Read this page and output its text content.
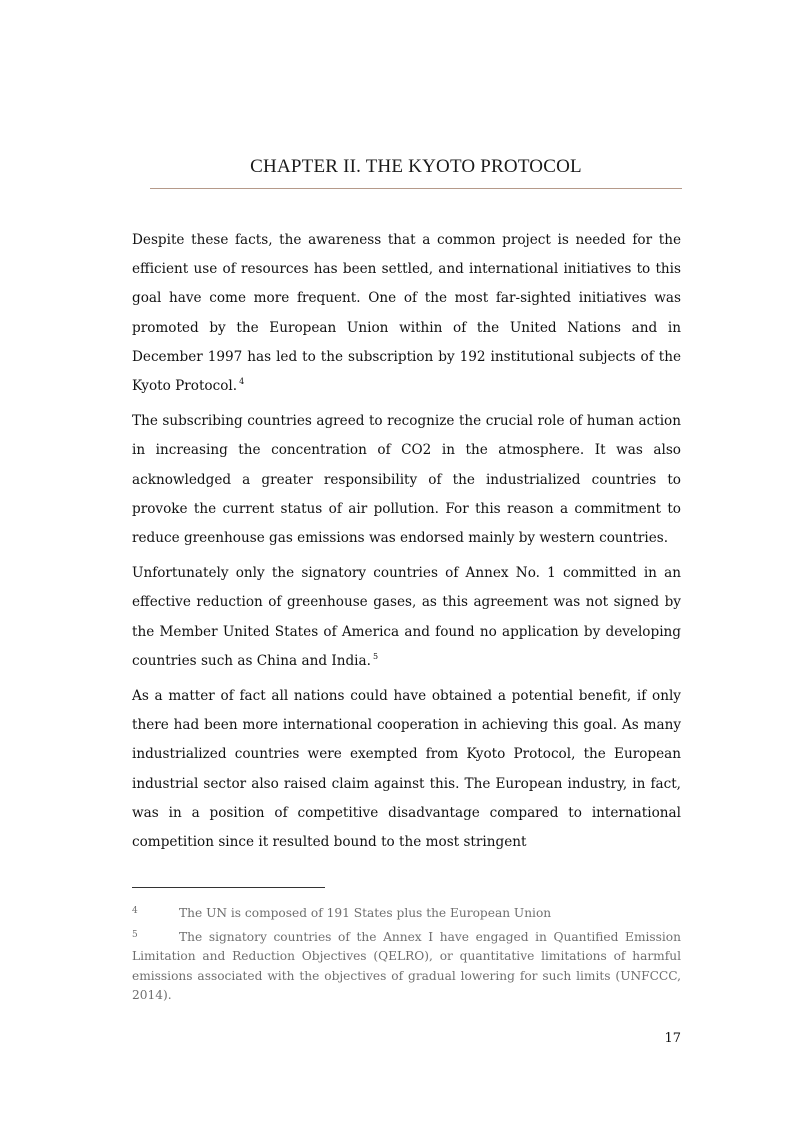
CHAPTER II. THE KYOTO PROTOCOL

Despite these facts, the awareness that a common project is needed for the efficient use of resources has been settled, and international initiatives to this goal have come more frequent. One of the most far-sighted initiatives was promoted by the European Union within of the United Nations and in December 1997 has led to the subscription by 192 institutional subjects of the Kyoto Protocol. $^4$

The subscribing countries agreed to recognize the crucial role of human action in increasing the concentration of CO2 in the atmosphere. It was also acknowledged a greater responsibility of the industrialized countries to provoke the current status of air pollution. For this reason a commitment to reduce greenhouse gas emissions was endorsed mainly by western countries.

Unfortunately only the signatory countries of Annex No. 1 committed in an effective reduction of greenhouse gases, as this agreement was not signed by the Member United States of America and found no application by developing countries such as China and India. $^5$

As a matter of fact all nations could have obtained a potential benefit, if only there had been more international cooperation in achieving this goal. As many industrialized countries were exempted from Kyoto Protocol, the European industrial sector also raised claim against this. The European industry, in fact, was in a position of competitive disadvantage compared to international competition since it resulted bound to the most stringent

4	The UN is composed of 191 States plus the European Union
5	The signatory countries of the Annex I have engaged in Quantified Emission Limitation and Reduction Objectives (QELRO), or quantitative limitations of harmful emissions associated with the objectives of gradual lowering for such limits (UNFCCC, 2014).
17
